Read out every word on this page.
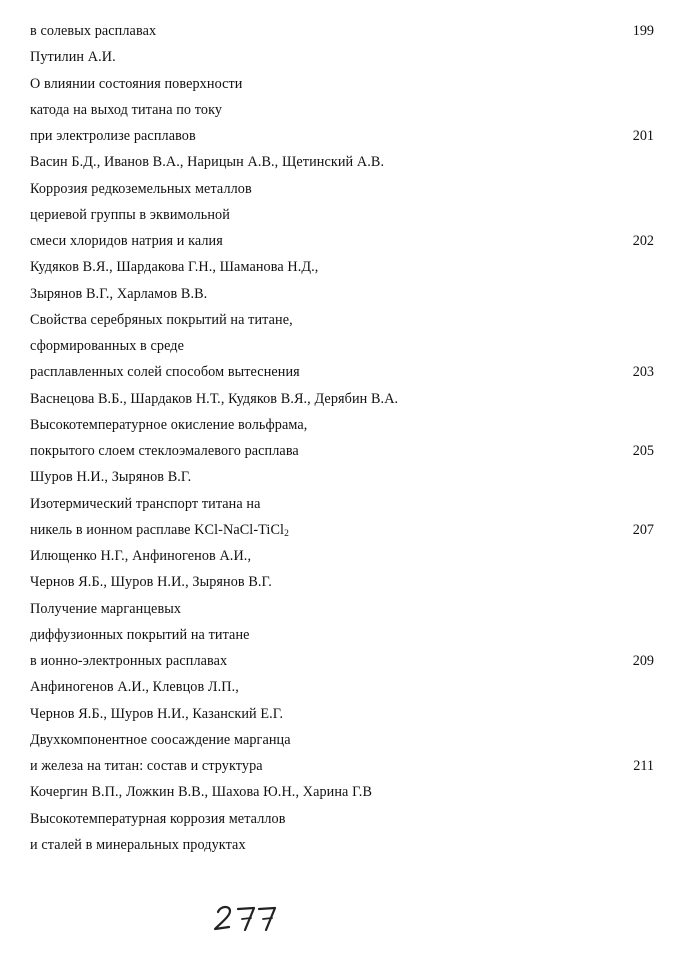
в солевых расплавах	199
Путилин А.И.
О влиянии состояния поверхности
катода на выход титана по току
при электролизе расплавов	201
Васин Б.Д., Иванов В.А., Нарицын А.В., Щетинский А.В.
Коррозия редкоземельных металлов
цериевой группы в эквимольной
смеси хлоридов натрия и калия	202
Кудяков В.Я., Шардакова Г.Н., Шаманова Н.Д.,
Зырянов В.Г., Харламов В.В.
Свойства серебряных покрытий на титане,
сформированных в среде
расплавленных солей способом вытеснения	203
Васнецова В.Б., Шардаков Н.Т., Кудяков В.Я., Дерябин В.А.
Высокотемпературное окисление вольфрама,
покрытого слоем стеклоэмалевого расплава	205
Шуров Н.И., Зырянов В.Г.
Изотермический транспорт титана на
никель в ионном расплаве KCl-NaCl-TiCl$_2$	207
Илющенко Н.Г., Анфиногенов А.И.,
Чернов Я.Б., Шуров Н.И., Зырянов В.Г.
Получение марганцевых
диффузионных покрытий на титане
в ионно-электронных расплавах	209
Анфиногенов А.И., Клевцов Л.П.,
Чернов Я.Б., Шуров Н.И., Казанский Е.Г.
Двухкомпонентное соосаждение марганца
и железа на титан: состав и структура	211
Кочергин В.П., Ложкин В.В., Шахова Ю.Н., Харина Г.В
Высокотемпературная коррозия металлов
и сталей в минеральных продуктах
